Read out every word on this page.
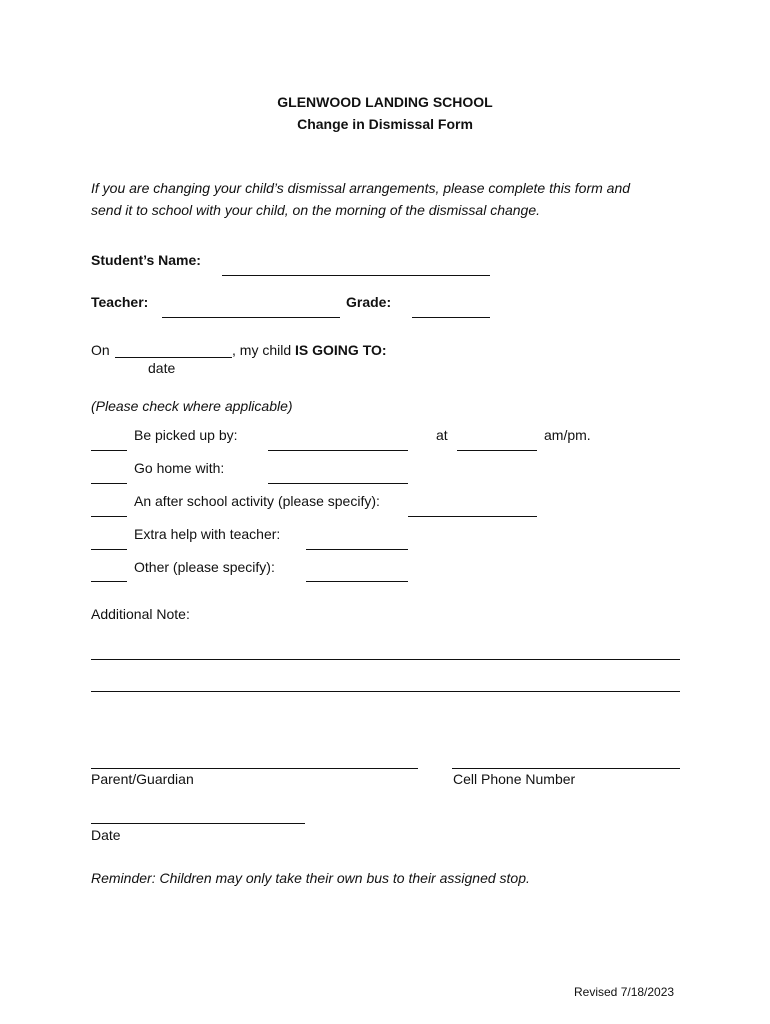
GLENWOOD LANDING SCHOOL
Change in Dismissal Form
If you are changing your child’s dismissal arrangements, please complete this form and
send it to school with your child, on the morning of the dismissal change.
Student’s Name:
Teacher:	Grade:
On	, my child IS GOING TO:
date
(Please check where applicable)
Be picked up by:	at	am/pm.
Go home with:
An after school activity (please specify):
Extra help with teacher:
Other (please specify):
Additional Note:
Parent/Guardian	Cell Phone Number
Date
Reminder: Children may only take their own bus to their assigned stop.
Revised 7/18/2023
